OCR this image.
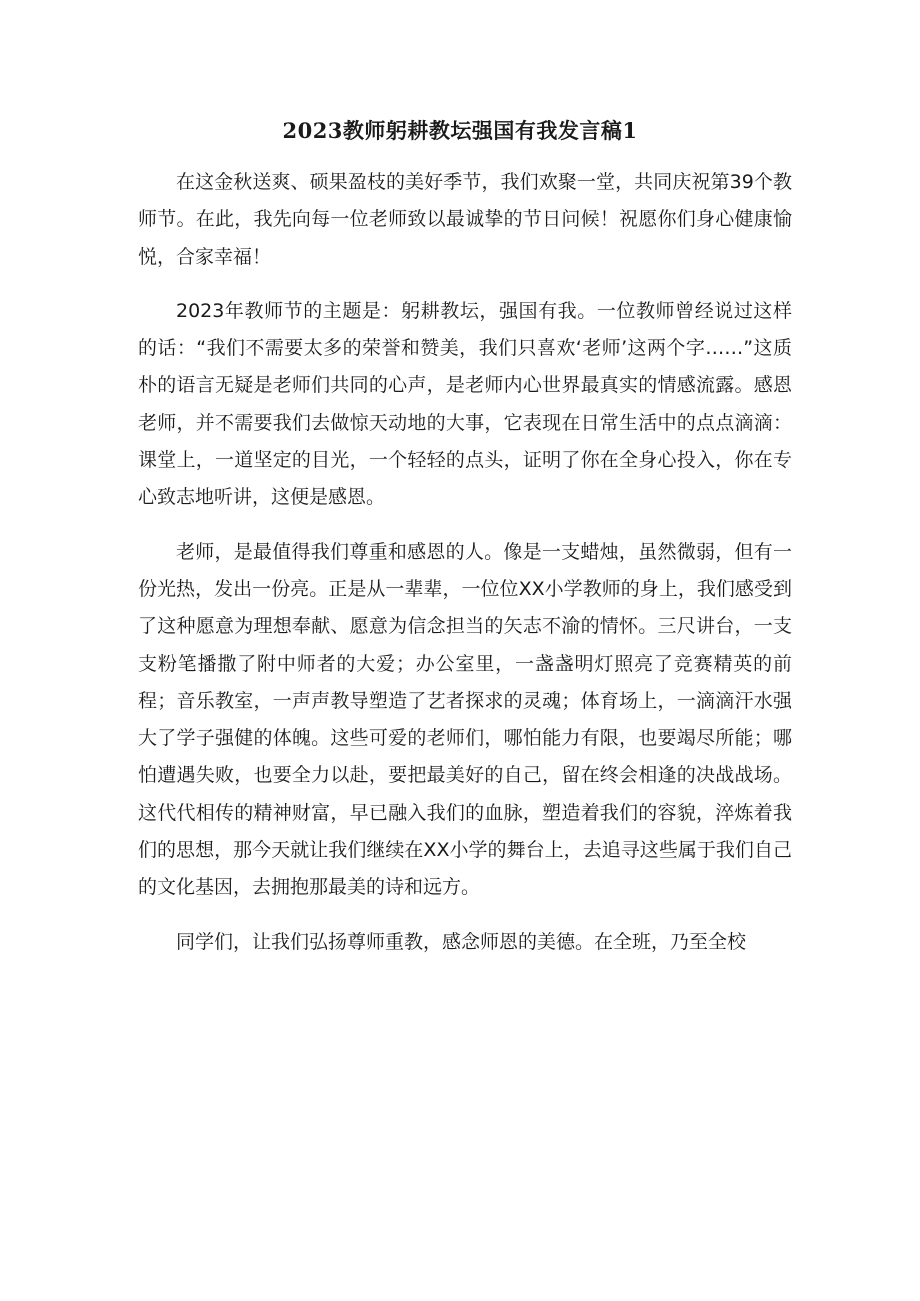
2023教师躬耕教坛强国有我发言稿1

在这金秋送爽、硕果盈枝的美好季节，我们欢聚一堂，共同庆祝第39个教师节。在此，我先向每一位老师致以最诚挚的节日问候！祝愿你们身心健康愉悦，合家幸福！

2023年教师节的主题是：躬耕教坛，强国有我。一位教师曾经说过这样的话：“我们不需要太多的荣誉和赞美，我们只喜欢‘老师’这两个字……”这质朴的语言无疑是老师们共同的心声，是老师内心世界最真实的情感流露。感恩老师，并不需要我们去做惊天动地的大事，它表现在日常生活中的点点滴滴：课堂上，一道坚定的目光，一个轻轻的点头，证明了你在全身心投入，你在专心致志地听讲，这便是感恩。

老师，是最值得我们尊重和感恩的人。像是一支蜡烛，虽然微弱，但有一份光热，发出一份亮。正是从一辈辈，一位位XX小学教师的身上，我们感受到了这种愿意为理想奉献、愿意为信念担当的矢志不渝的情怀。三尺讲台，一支支粉笔播撒了附中师者的大爱；办公室里，一盏盏明灯照亮了竞赛精英的前程；音乐教室，一声声教导塑造了艺者探求的灵魂；体育场上，一滴滴汗水强大了学子强健的体魄。这些可爱的老师们，哪怕能力有限，也要竭尽所能；哪怕遭遇失败，也要全力以赴，要把最美好的自己，留在终会相逢的决战战场。这代代相传的精神财富，早已融入我们的血脉，塑造着我们的容貌，淬炼着我们的思想，那今天就让我们继续在XX小学的舞台上，去追寻这些属于我们自己的文化基因，去拥抱那最美的诗和远方。

同学们，让我们弘扬尊师重教，感念师恩的美德。在全班，乃至全校
